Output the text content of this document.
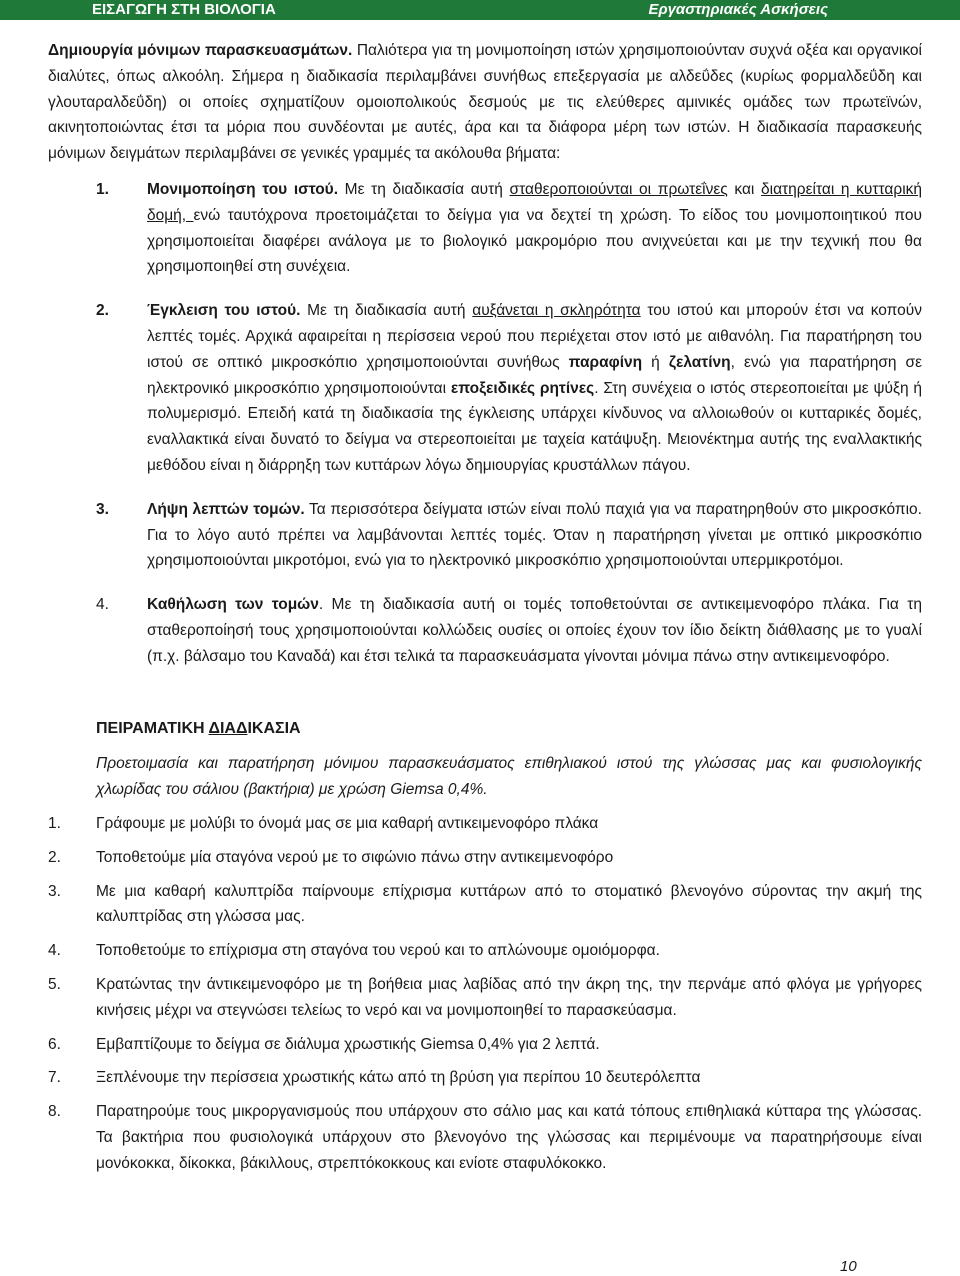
ΕΙΣΑΓΩΓΗ ΣΤΗ ΒΙΟΛΟΓΙΑ	Εργαστηριακές Ασκήσεις

Δημιουργία μόνιμων παρασκευασμάτων. Παλιότερα για τη μονιμοποίηση ιστών χρησιμοποιούνταν συχνά οξέα και οργανικοί διαλύτες, όπως αλκοόλη. Σήμερα η διαδικασία περιλαμβάνει συνήθως επεξεργασία με αλδεΰδες (κυρίως φορμαλδεΰδη και γλουταραλδεΰδη) οι οποίες σχηματίζουν ομοιοπολικούς δεσμούς με τις ελεύθερες αμινικές ομάδες των πρωτεϊνών, ακινητοποιώντας έτσι τα μόρια που συνδέονται με αυτές, άρα και τα διάφορα μέρη των ιστών. Η διαδικασία παρασκευής μόνιμων δειγμάτων περιλαμβάνει σε γενικές γραμμές τα ακόλουθα βήματα:

1. Μονιμοποίηση του ιστού. Με τη διαδικασία αυτή σταθεροποιούνται οι πρωτεΐνες και διατηρείται η κυτταρική δομή, ενώ ταυτόχρονα προετοιμάζεται το δείγμα για να δεχτεί τη χρώση. Το είδος του μονιμοποιητικού που χρησιμοποιείται διαφέρει ανάλογα με το βιολογικό μακρομόριο που ανιχνεύεται και με την τεχνική που θα χρησιμοποιηθεί στη συνέχεια.
2. Έγκλειση του ιστού. Με τη διαδικασία αυτή αυξάνεται η σκληρότητα του ιστού και μπορούν έτσι να κοπούν λεπτές τομές. Αρχικά αφαιρείται η περίσσεια νερού που περιέχεται στον ιστό με αιθανόλη. Για παρατήρηση του ιστού σε οπτικό μικροσκόπιο χρησιμοποιούνται συνήθως παραφίνη ή ζελατίνη, ενώ για παρατήρηση σε ηλεκτρονικό μικροσκόπιο χρησιμοποιούνται εποξειδικές ρητίνες. Στη συνέχεια ο ιστός στερεοποιείται με ψύξη ή πολυμερισμό. Επειδή κατά τη διαδικασία της έγκλεισης υπάρχει κίνδυνος να αλλοιωθούν οι κυτταρικές δομές, εναλλακτικά είναι δυνατό το δείγμα να στερεοποιείται με ταχεία κατάψυξη. Μειονέκτημα αυτής της εναλλακτικής μεθόδου είναι η διάρρηξη των κυττάρων λόγω δημιουργίας κρυστάλλων πάγου.
3. Λήψη λεπτών τομών. Τα περισσότερα δείγματα ιστών είναι πολύ παχιά για να παρατηρηθούν στο μικροσκόπιο. Για το λόγο αυτό πρέπει να λαμβάνονται λεπτές τομές. Όταν η παρατήρηση γίνεται με οπτικό μικροσκόπιο χρησιμοποιούνται μικροτόμοι, ενώ για το ηλεκτρονικό μικροσκόπιο χρησιμοποιούνται υπερμικροτόμοι.
4. Καθήλωση των τομών. Με τη διαδικασία αυτή οι τομές τοποθετούνται σε αντικειμενοφόρο πλάκα. Για τη σταθεροποίησή τους χρησιμοποιούνται κολλώδεις ουσίες οι οποίες έχουν τον ίδιο δείκτη διάθλασης με το γυαλί (π.χ. βάλσαμο του Καναδά) και έτσι τελικά τα παρασκευάσματα γίνονται μόνιμα πάνω στην αντικειμενοφόρο.
ΠΕΙΡΑΜΑΤΙΚΗ ΔΙΑΔΙΚΑΣΙΑ

Προετοιμασία και παρατήρηση μόνιμου παρασκευάσματος επιθηλιακού ιστού της γλώσσας μας και φυσιολογικής χλωρίδας του σάλιου (βακτήρια) με χρώση Giemsa 0,4%.

1. Γράφουμε με μολύβι το όνομά μας σε μια καθαρή αντικειμενοφόρο πλάκα
2. Τοποθετούμε μία σταγόνα νερού με το σιφώνιο πάνω στην αντικειμενοφόρο
3. Με μια καθαρή καλυπτρίδα παίρνουμε επίχρισμα κυττάρων από το στοματικό βλενογόνο σύροντας την ακμή της καλυπτρίδας στη γλώσσα μας.
4. Τοποθετούμε το επίχρισμα στη σταγόνα του νερού και το απλώνουμε ομοιόμορφα.
5. Κρατώντας την άντικειμενοφόρο με τη βοήθεια μιας λαβίδας από την άκρη της, την περνάμε από φλόγα με γρήγορες κινήσεις μέχρι να στεγνώσει τελείως το νερό και να μονιμοποιηθεί το παρασκεύασμα.
6. Εμβαπτίζουμε το δείγμα σε διάλυμα χρωστικής Giemsa 0,4% για 2 λεπτά.
7. Ξεπλένουμε την περίσσεια χρωστικής κάτω από τη βρύση για περίπου 10 δευτερόλεπτα
8. Παρατηρούμε τους μικροργανισμούς που υπάρχουν στο σάλιο μας και κατά τόπους επιθηλιακά κύτταρα της γλώσσας. Τα βακτήρια που φυσιολογικά υπάρχουν στο βλενογόνο της γλώσσας και περιμένουμε να παρατηρήσουμε είναι μονόκοκκα, δίκοκκα, βάκιλλους, στρεπτόκοκκους και ενίοτε σταφυλόκοκκο.
10
